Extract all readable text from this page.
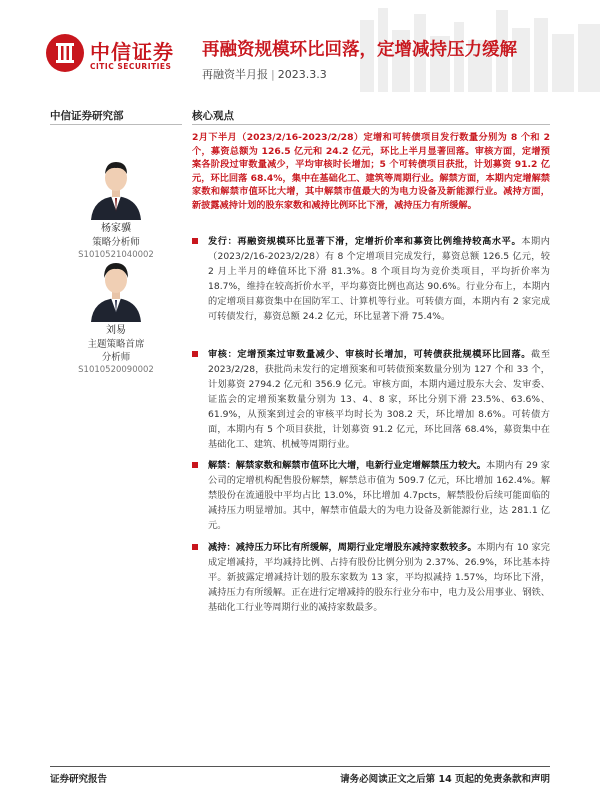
中信证券
CITIC SECURITIES
再融资规模环比回落，定增减持压力缓解
再融资半月报 | 2023.3.3
中信证券研究部
杨家骥
策略分析师
S1010521040002
刘易
主题策略首席
分析师
S1010520090002
核心观点
2月下半月（2023/2/16-2023/2/28）定增和可转债项目发行数量分别为 8 个和 2 个，募资总额为 126.5 亿元和 24.2 亿元，环比上半月显著回落。审核方面，定增预案各阶段过审数量减少，平均审核时长增加；5 个可转债项目获批，计划募资 91.2 亿元，环比回落 68.4%，集中在基础化工、建筑等周期行业。解禁方面，本期内定增解禁家数和解禁市值环比大增，其中解禁市值最大的为电力设备及新能源行业。减持方面，新披露减持计划的股东家数和减持比例环比下滑，减持压力有所缓解。
发行：再融资规模环比显著下滑，定增折价率和募资比例维持较高水平。本期内（2023/2/16-2023/2/28）有 8 个定增项目完成发行，募资总额 126.5 亿元，较 2 月上半月的峰值环比下滑 81.3%。8 个项目均为竞价类项目，平均折价率为 18.7%，维持在较高折价水平，平均募资比例也高达 90.6%。行业分布上，本期内的定增项目募资集中在国防军工、计算机等行业。可转债方面，本期内有 2 家完成可转债发行，募资总额 24.2 亿元，环比显著下滑 75.4%。
审核：定增预案过审数量减少、审核时长增加，可转债获批规模环比回落。截至 2023/2/28，获批尚未发行的定增预案和可转债预案数量分别为 127 个和 33 个，计划募资 2794.2 亿元和 356.9 亿元。审核方面，本期内通过股东大会、发审委、证监会的定增预案数量分别为 13、4、8 家，环比分别下滑 23.5%、63.6%、61.9%，从预案到过会的审核平均时长为 308.2 天，环比增加 8.6%。可转债方面，本期内有 5 个项目获批，计划募资 91.2 亿元，环比回落 68.4%，募资集中在基础化工、建筑、机械等周期行业。
解禁：解禁家数和解禁市值环比大增，电新行业定增解禁压力较大。本期内有 29 家公司的定增机构配售股份解禁，解禁总市值为 509.7 亿元，环比增加 162.4%。解禁股份在流通股中平均占比 13.0%，环比增加 4.7pcts，解禁股份后续可能面临的减持压力明显增加。其中，解禁市值最大的为电力设备及新能源行业，达 281.1 亿元。
减持：减持压力环比有所缓解，周期行业定增股东减持家数较多。本期内有 10 家完成定增减持，平均减持比例、占持有股份比例分别为 2.37%、26.9%，环比基本持平。新披露定增减持计划的股东家数为 13 家，平均拟减持 1.57%，均环比下滑，减持压力有所缓解。正在进行定增减持的股东行业分布中，电力及公用事业、钢铁、基础化工行业等周期行业的减持家数最多。
证券研究报告	请务必阅读正文之后第 14 页起的免责条款和声明
